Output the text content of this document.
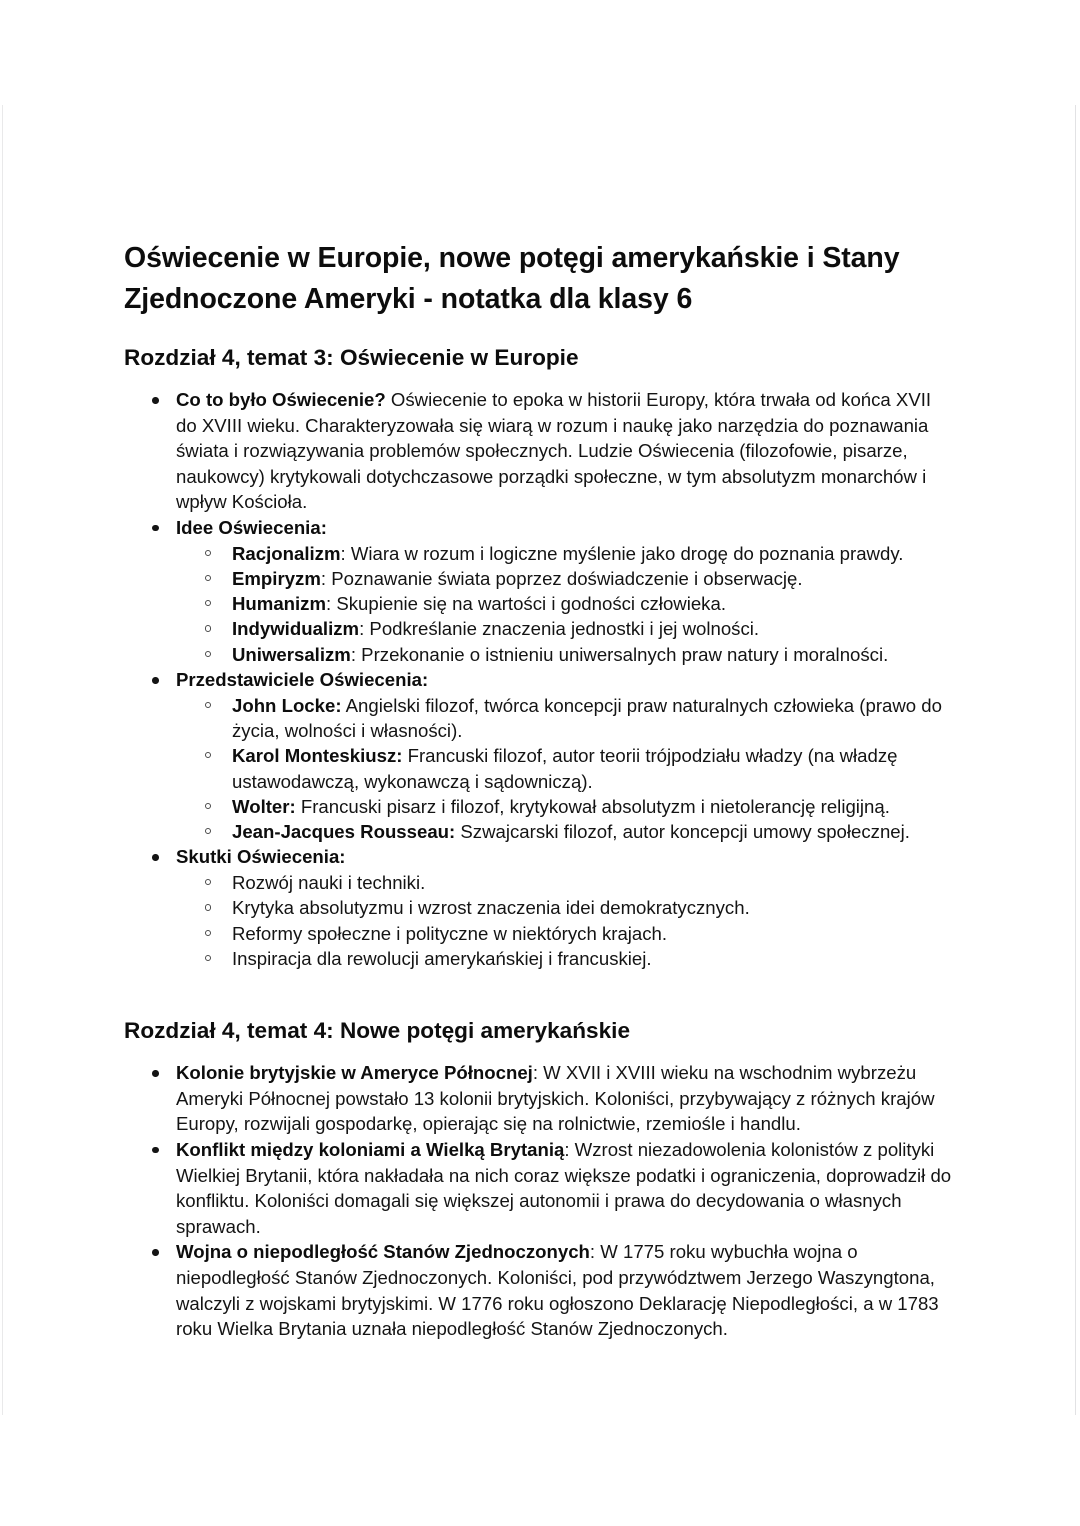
Oświecenie w Europie, nowe potęgi amerykańskie i Stany Zjednoczone Ameryki - notatka dla klasy 6
Rozdział 4, temat 3: Oświecenie w Europie
Co to było Oświecenie? Oświecenie to epoka w historii Europy, która trwała od końca XVII do XVIII wieku. Charakteryzowała się wiarą w rozum i naukę jako narzędzia do poznawania świata i rozwiązywania problemów społecznych. Ludzie Oświecenia (filozofowie, pisarze, naukowcy) krytykowali dotychczasowe porządki społeczne, w tym absolutyzm monarchów i wpływ Kościoła.
Idee Oświecenia:
Racjonalizm: Wiara w rozum i logiczne myślenie jako drogę do poznania prawdy.
Empiryzm: Poznawanie świata poprzez doświadczenie i obserwację.
Humanizm: Skupienie się na wartości i godności człowieka.
Indywidualizm: Podkreślanie znaczenia jednostki i jej wolności.
Uniwersalizm: Przekonanie o istnieniu uniwersalnych praw natury i moralności.
Przedstawiciele Oświecenia:
John Locke: Angielski filozof, twórca koncepcji praw naturalnych człowieka (prawo do życia, wolności i własności).
Karol Monteskiusz: Francuski filozof, autor teorii trójpodziału władzy (na władzę ustawodawczą, wykonawczą i sądowniczą).
Wolter: Francuski pisarz i filozof, krytykował absolutyzm i nietolerancję religijną.
Jean-Jacques Rousseau: Szwajcarski filozof, autor koncepcji umowy społecznej.
Skutki Oświecenia:
Rozwój nauki i techniki.
Krytyka absolutyzmu i wzrost znaczenia idei demokratycznych.
Reformy społeczne i polityczne w niektórych krajach.
Inspiracja dla rewolucji amerykańskiej i francuskiej.
Rozdział 4, temat 4: Nowe potęgi amerykańskie
Kolonie brytyjskie w Ameryce Północnej: W XVII i XVIII wieku na wschodnim wybrzeżu Ameryki Północnej powstało 13 kolonii brytyjskich. Koloniści, przybywający z różnych krajów Europy, rozwijali gospodarkę, opierając się na rolnictwie, rzemiośle i handlu.
Konflikt między koloniami a Wielką Brytanią: Wzrost niezadowolenia kolonistów z polityki Wielkiej Brytanii, która nakładała na nich coraz większe podatki i ograniczenia, doprowadził do konfliktu. Koloniści domagali się większej autonomii i prawa do decydowania o własnych sprawach.
Wojna o niepodległość Stanów Zjednoczonych: W 1775 roku wybuchła wojna o niepodległość Stanów Zjednoczonych. Koloniści, pod przywództwem Jerzego Waszyngtona, walczyli z wojskami brytyjskimi. W 1776 roku ogłoszono Deklarację Niepodległości, a w 1783 roku Wielka Brytania uznała niepodległość Stanów Zjednoczonych.
